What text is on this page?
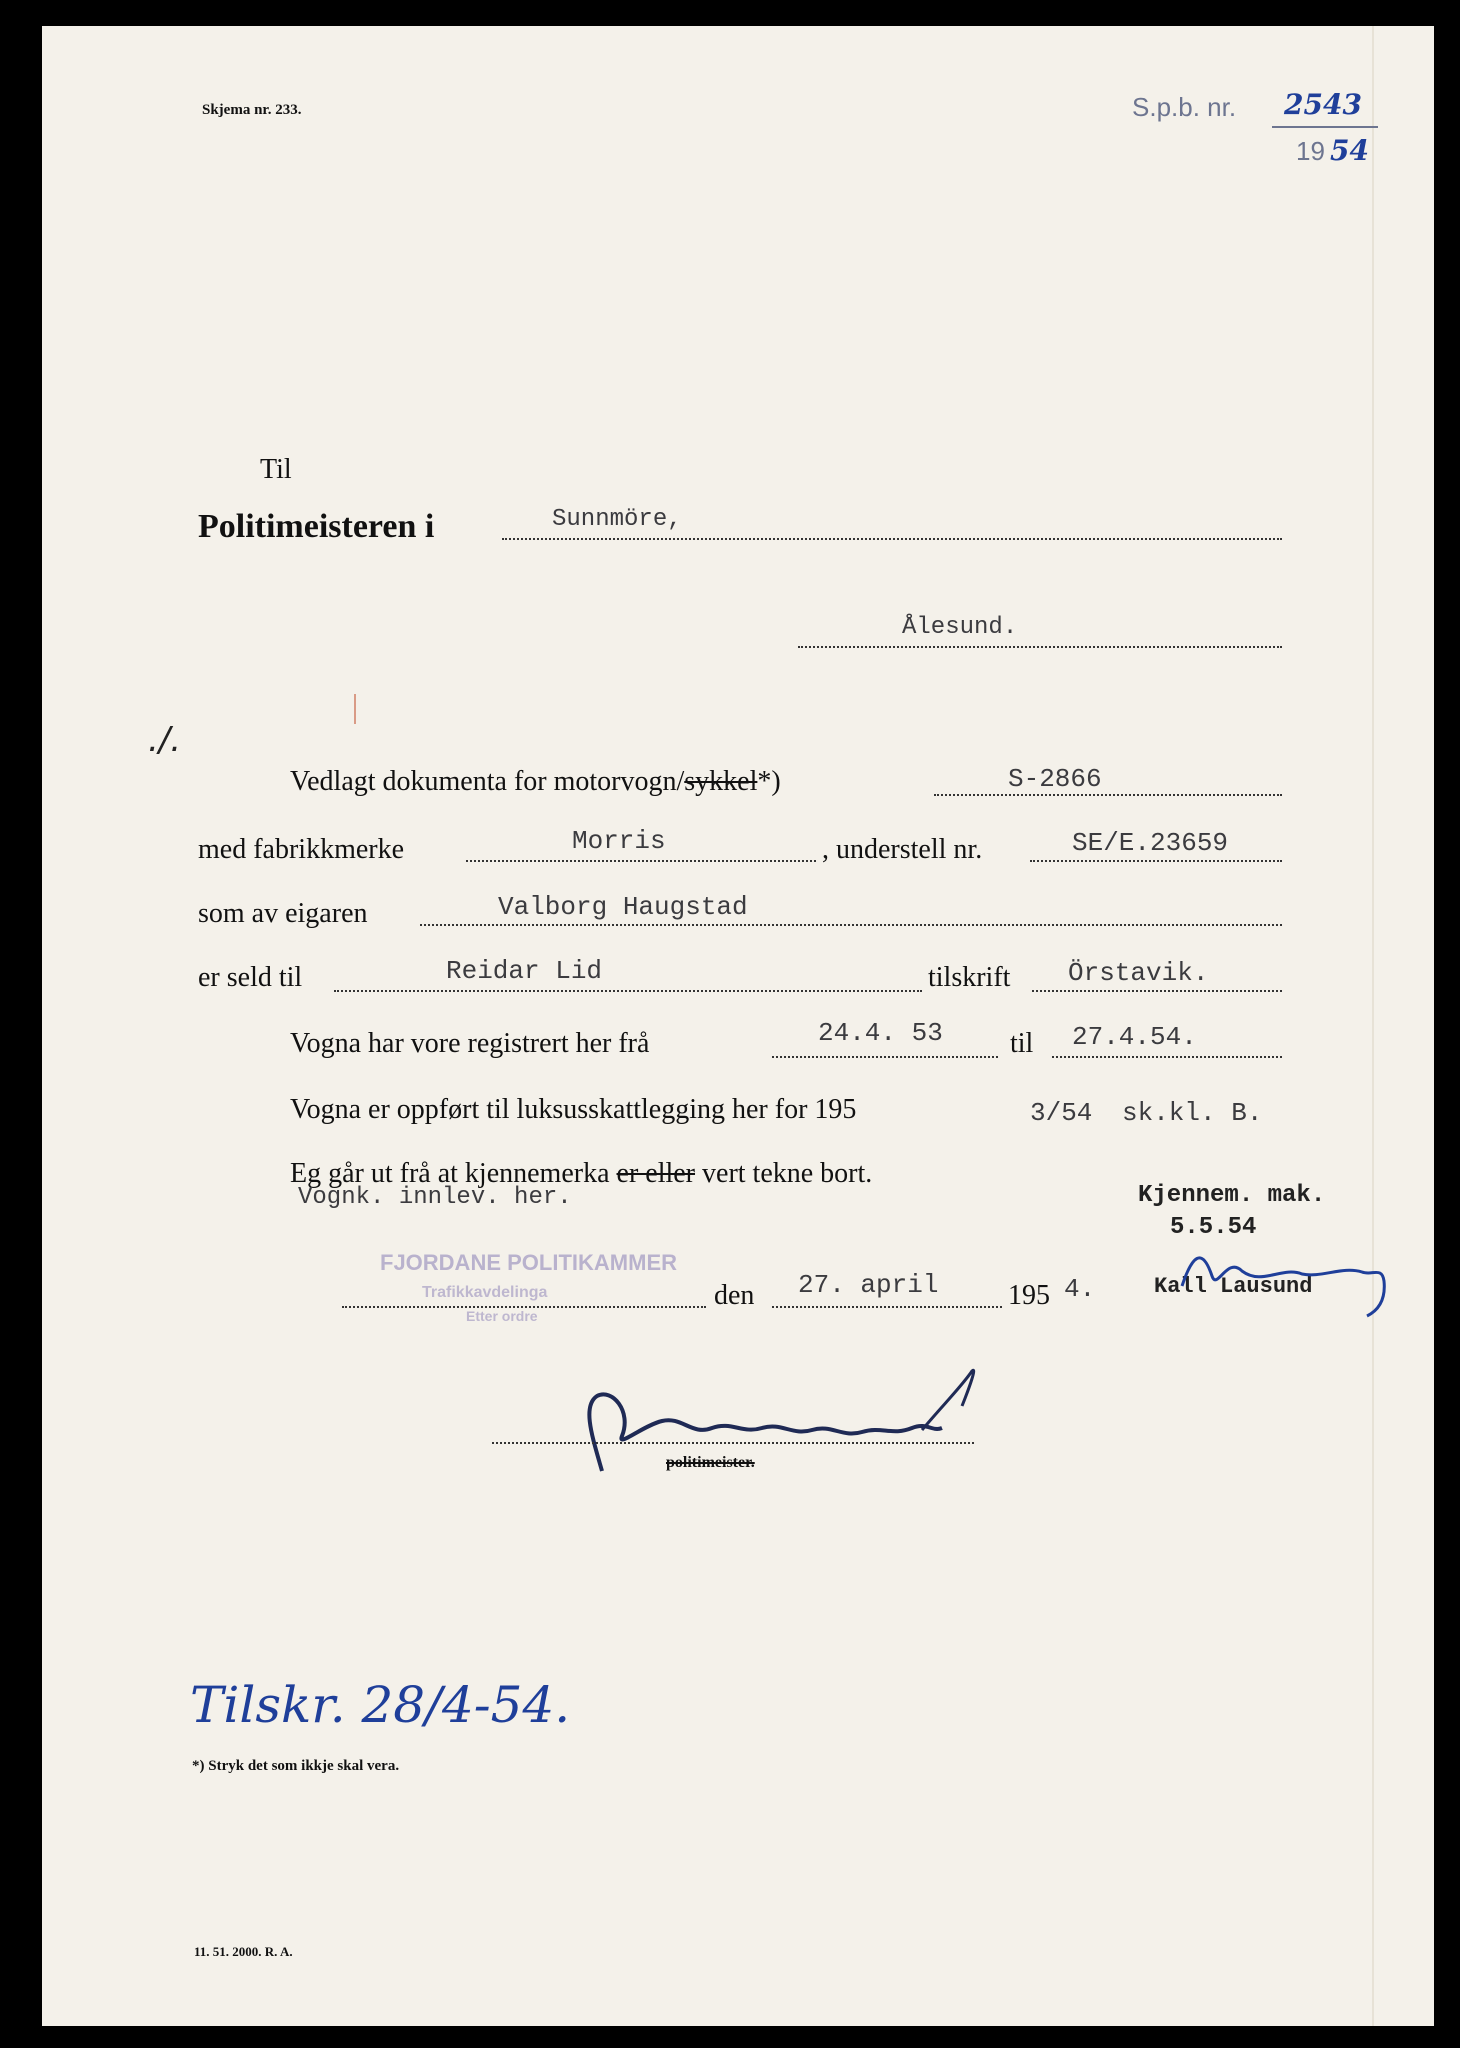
Skjema nr. 233.	S.p.b. nr. 2543
19 54
Til
Politimeisteren i	Sunnmöre,
Ålesund.
./.
Vedlagt dokumenta for motorvogn/sykkel*)	S-2866
med fabrikkmerke	Morris	, understell nr.	SE/E.23659
som av eigaren	Valborg Haugstad
er seld til	Reidar Lid	tilskrift Örstavik.
Vogna har vore registrert her frå	24.4. 53 til 27.4.54.
Vogna er oppført til luksusskattlegging her for 195	3/54 sk.kl. B.
Eg går ut frå at kjennemerka er eller vert tekne bort.
Vognk. innlev. her.	Kjennem. mak.
5.5.54
Kall Lausund
FJORDANE POLITIKAMMER
Trafikkavdelinga
Etter ordre
den 27. april 195 4.
politimeister.
Tilskr. 28/4-54.
*) Stryk det som ikkje skal vera.
11. 51. 2000. R. A.
